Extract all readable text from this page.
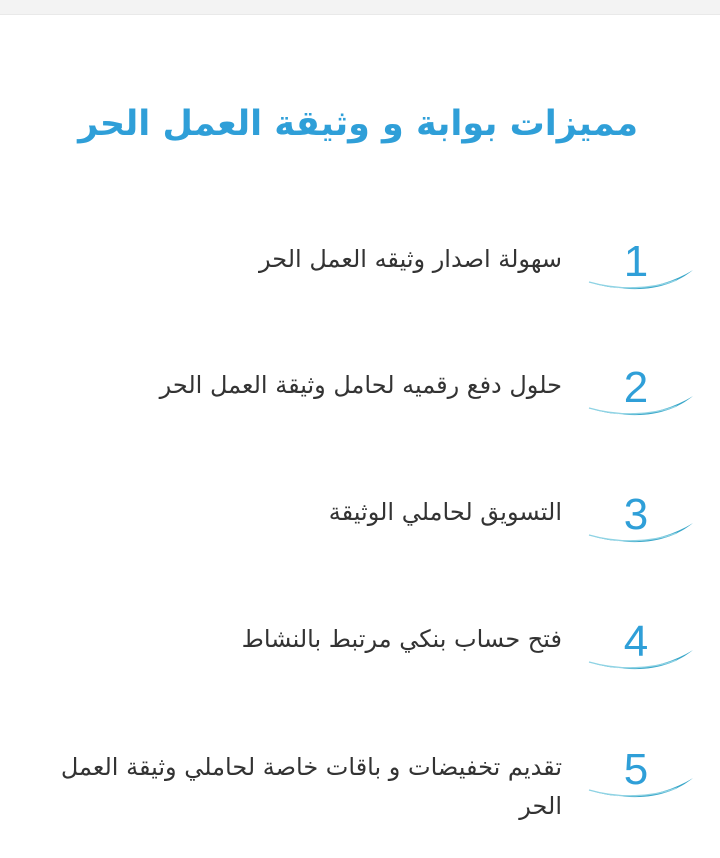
مميزات بوابة و وثيقة العمل الحر
1
سهولة اصدار وثيقه العمل الحر
2
حلول دفع رقميه لحامل وثيقة العمل الحر
3
التسويق لحاملي الوثيقة
4
فتح حساب بنكي مرتبط بالنشاط
5
تقديم تخفيضات و باقات خاصة لحاملي وثيقة العمل الحر
